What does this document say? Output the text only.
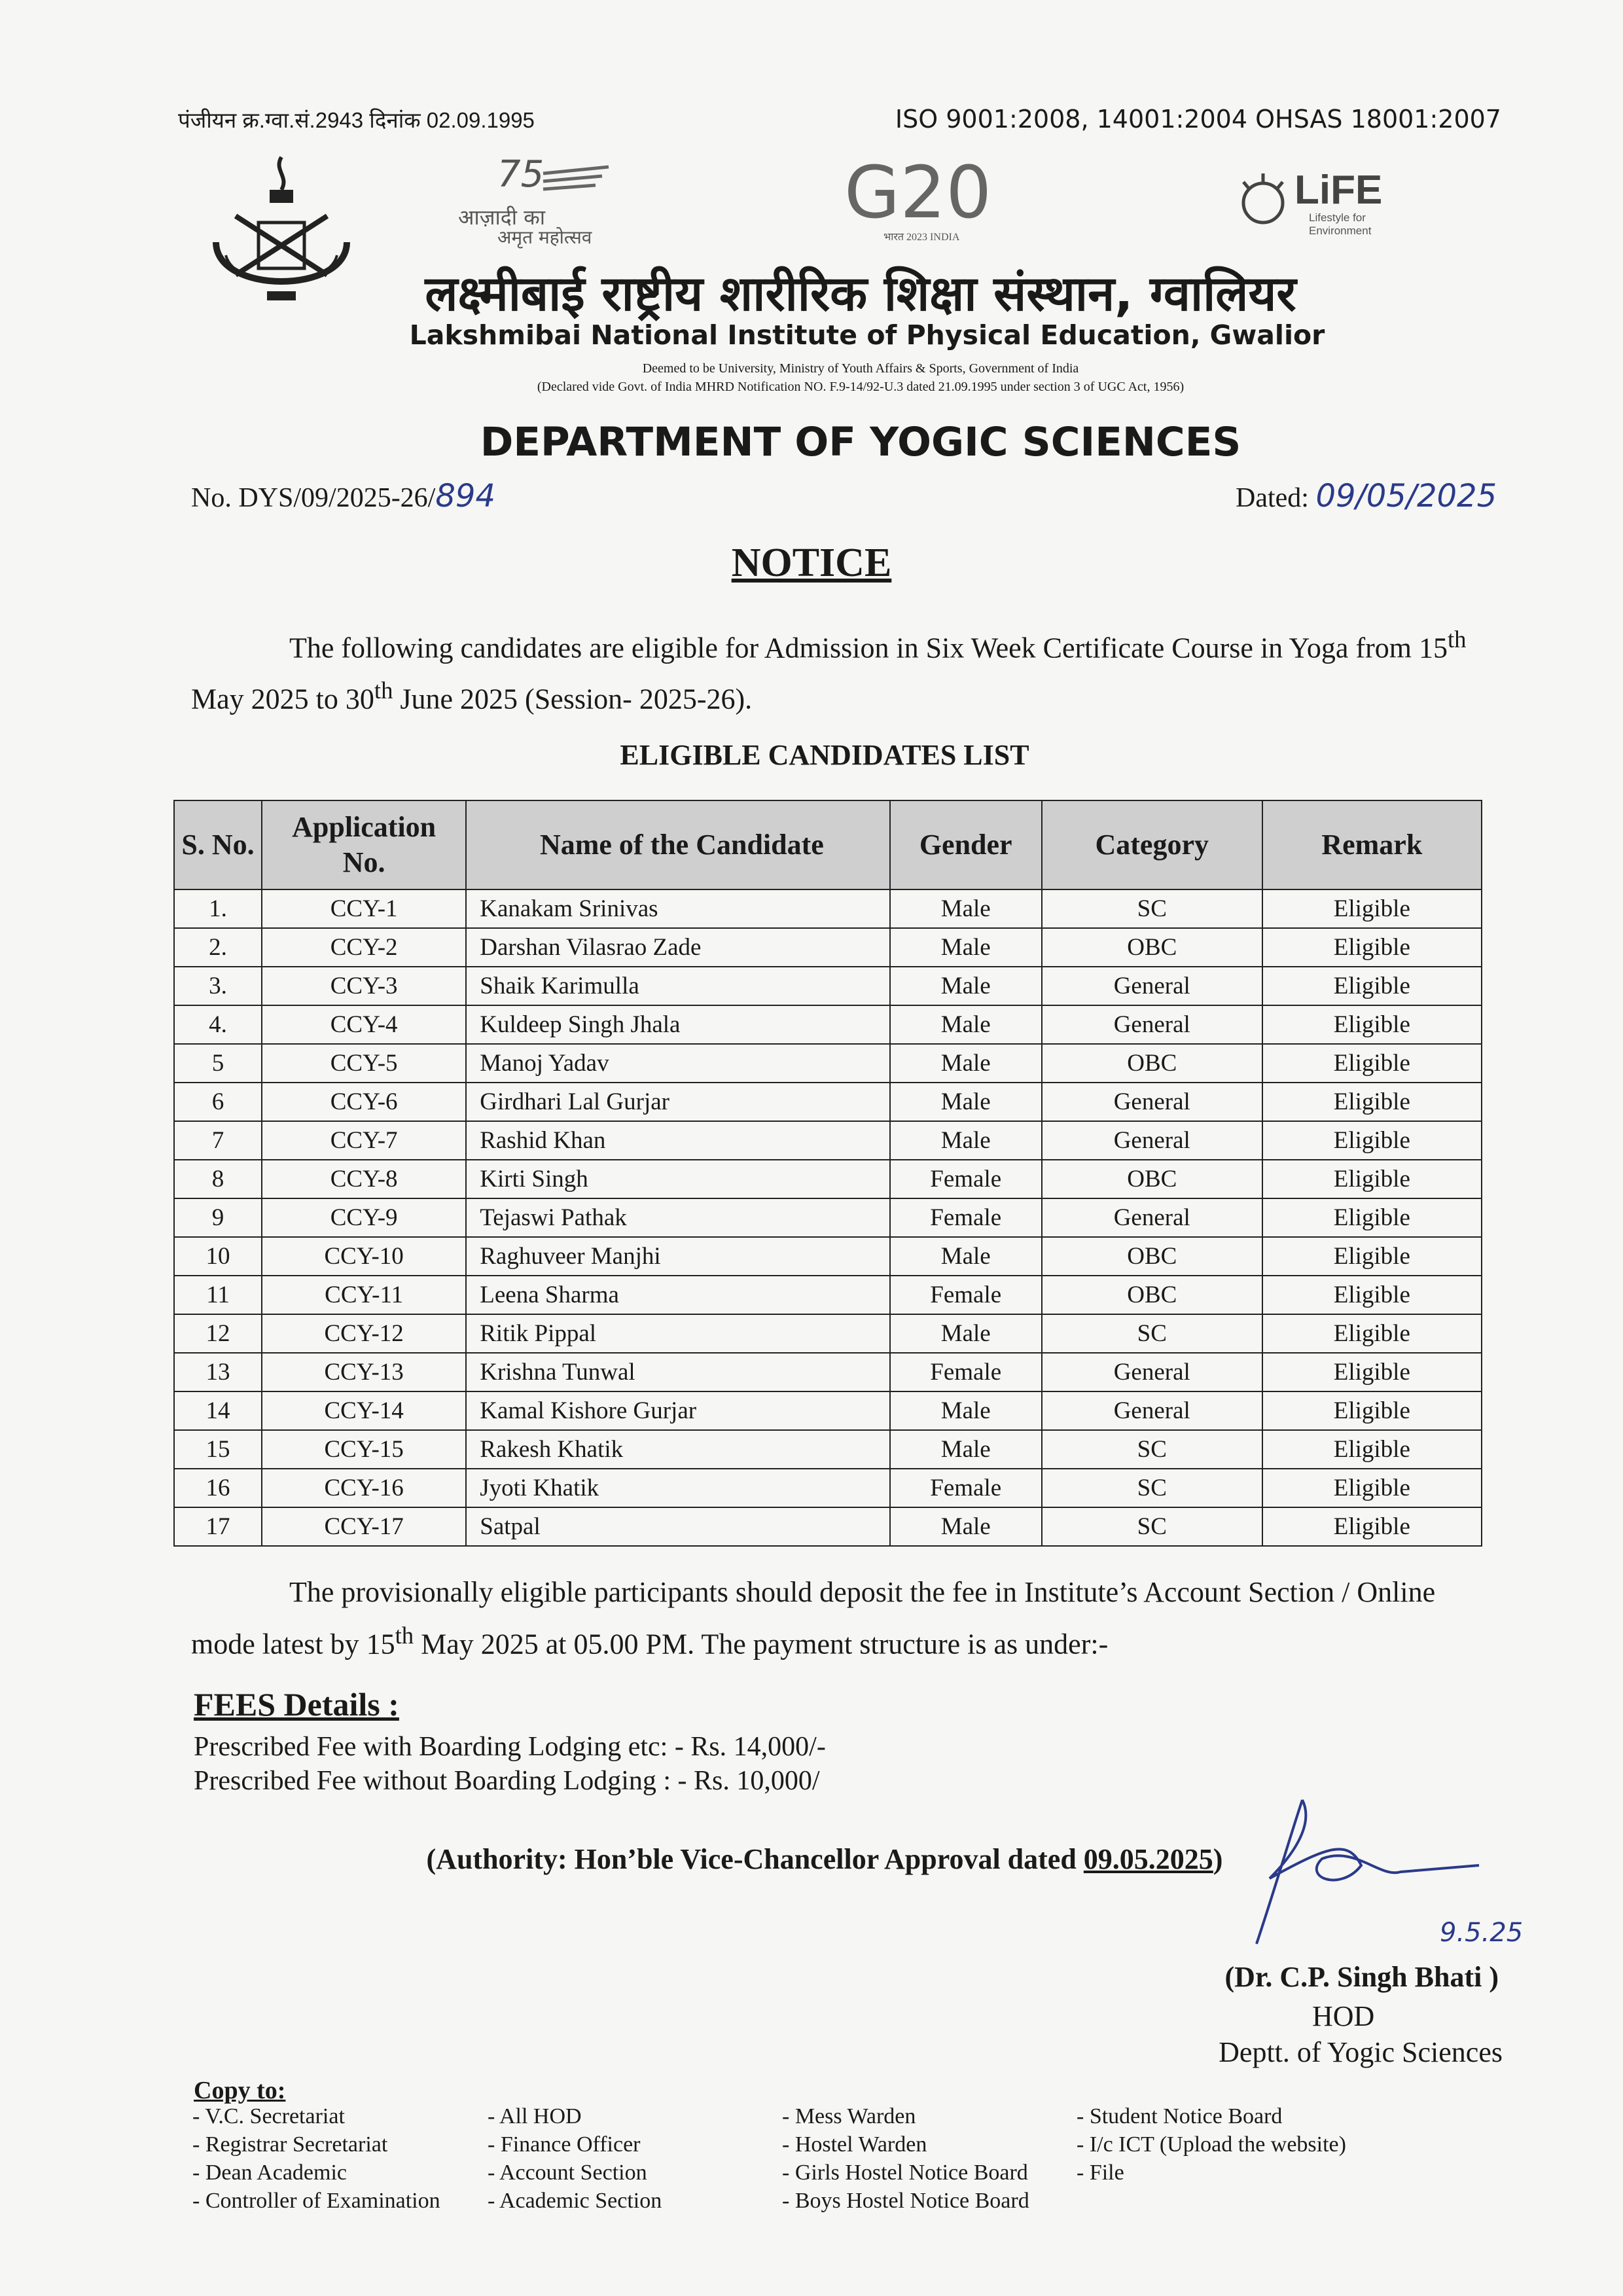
पंजीयन क्र.ग्वा.सं.2943 दिनांक 02.09.1995	ISO 9001:2008, 14001:2004 OHSAS 18001:2007
75
आज़ादी का
अमृत महोत्सव
G20
भारत 2023 INDIA
LiFE
Lifestyle for
Environment
लक्ष्मीबाई राष्ट्रीय शारीरिक शिक्षा संस्थान, ग्वालियर
Lakshmibai National Institute of Physical Education, Gwalior
Deemed to be University, Ministry of Youth Affairs & Sports, Government of India
(Declared vide Govt. of India MHRD Notification NO. F.9-14/92-U.3 dated 21.09.1995 under section 3 of UGC Act, 1956)
DEPARTMENT OF YOGIC SCIENCES
No. DYS/09/2025-26/894	Dated: 09/05/2025
NOTICE
The following candidates are eligible for Admission in Six Week Certificate Course in Yoga from 15th May 2025 to 30th June 2025 (Session- 2025-26).
ELIGIBLE CANDIDATES LIST
S. No.	Application No.	Name of the Candidate	Gender	Category	Remark
1.	CCY-1	Kanakam Srinivas	Male	SC	Eligible
2.	CCY-2	Darshan Vilasrao Zade	Male	OBC	Eligible
3.	CCY-3	Shaik Karimulla	Male	General	Eligible
4.	CCY-4	Kuldeep Singh Jhala	Male	General	Eligible
5	CCY-5	Manoj Yadav	Male	OBC	Eligible
6	CCY-6	Girdhari Lal Gurjar	Male	General	Eligible
7	CCY-7	Rashid Khan	Male	General	Eligible
8	CCY-8	Kirti Singh	Female	OBC	Eligible
9	CCY-9	Tejaswi Pathak	Female	General	Eligible
10	CCY-10	Raghuveer Manjhi	Male	OBC	Eligible
11	CCY-11	Leena Sharma	Female	OBC	Eligible
12	CCY-12	Ritik Pippal	Male	SC	Eligible
13	CCY-13	Krishna Tunwal	Female	General	Eligible
14	CCY-14	Kamal Kishore Gurjar	Male	General	Eligible
15	CCY-15	Rakesh Khatik	Male	SC	Eligible
16	CCY-16	Jyoti Khatik	Female	SC	Eligible
17	CCY-17	Satpal	Male	SC	Eligible
The provisionally eligible participants should deposit the fee in Institute’s Account Section / Online mode latest by 15th May 2025 at 05.00 PM. The payment structure is as under:-
FEES Details :
Prescribed Fee with Boarding Lodging etc: - Rs. 14,000/-
Prescribed Fee without Boarding Lodging : - Rs. 10,000/
(Authority: Hon’ble Vice-Chancellor Approval dated 09.05.2025)
9.5.25
(Dr. C.P. Singh Bhati )
HOD
Deptt. of Yogic Sciences
Copy to:
- V.C. Secretariat
- Registrar Secretariat
- Dean Academic
- Controller of Examination
- All HOD
- Finance Officer
- Account Section
- Academic Section
- Mess Warden
- Hostel Warden
- Girls Hostel Notice Board
- Boys Hostel Notice Board
- Student Notice Board
- I/c ICT (Upload the website)
- File
